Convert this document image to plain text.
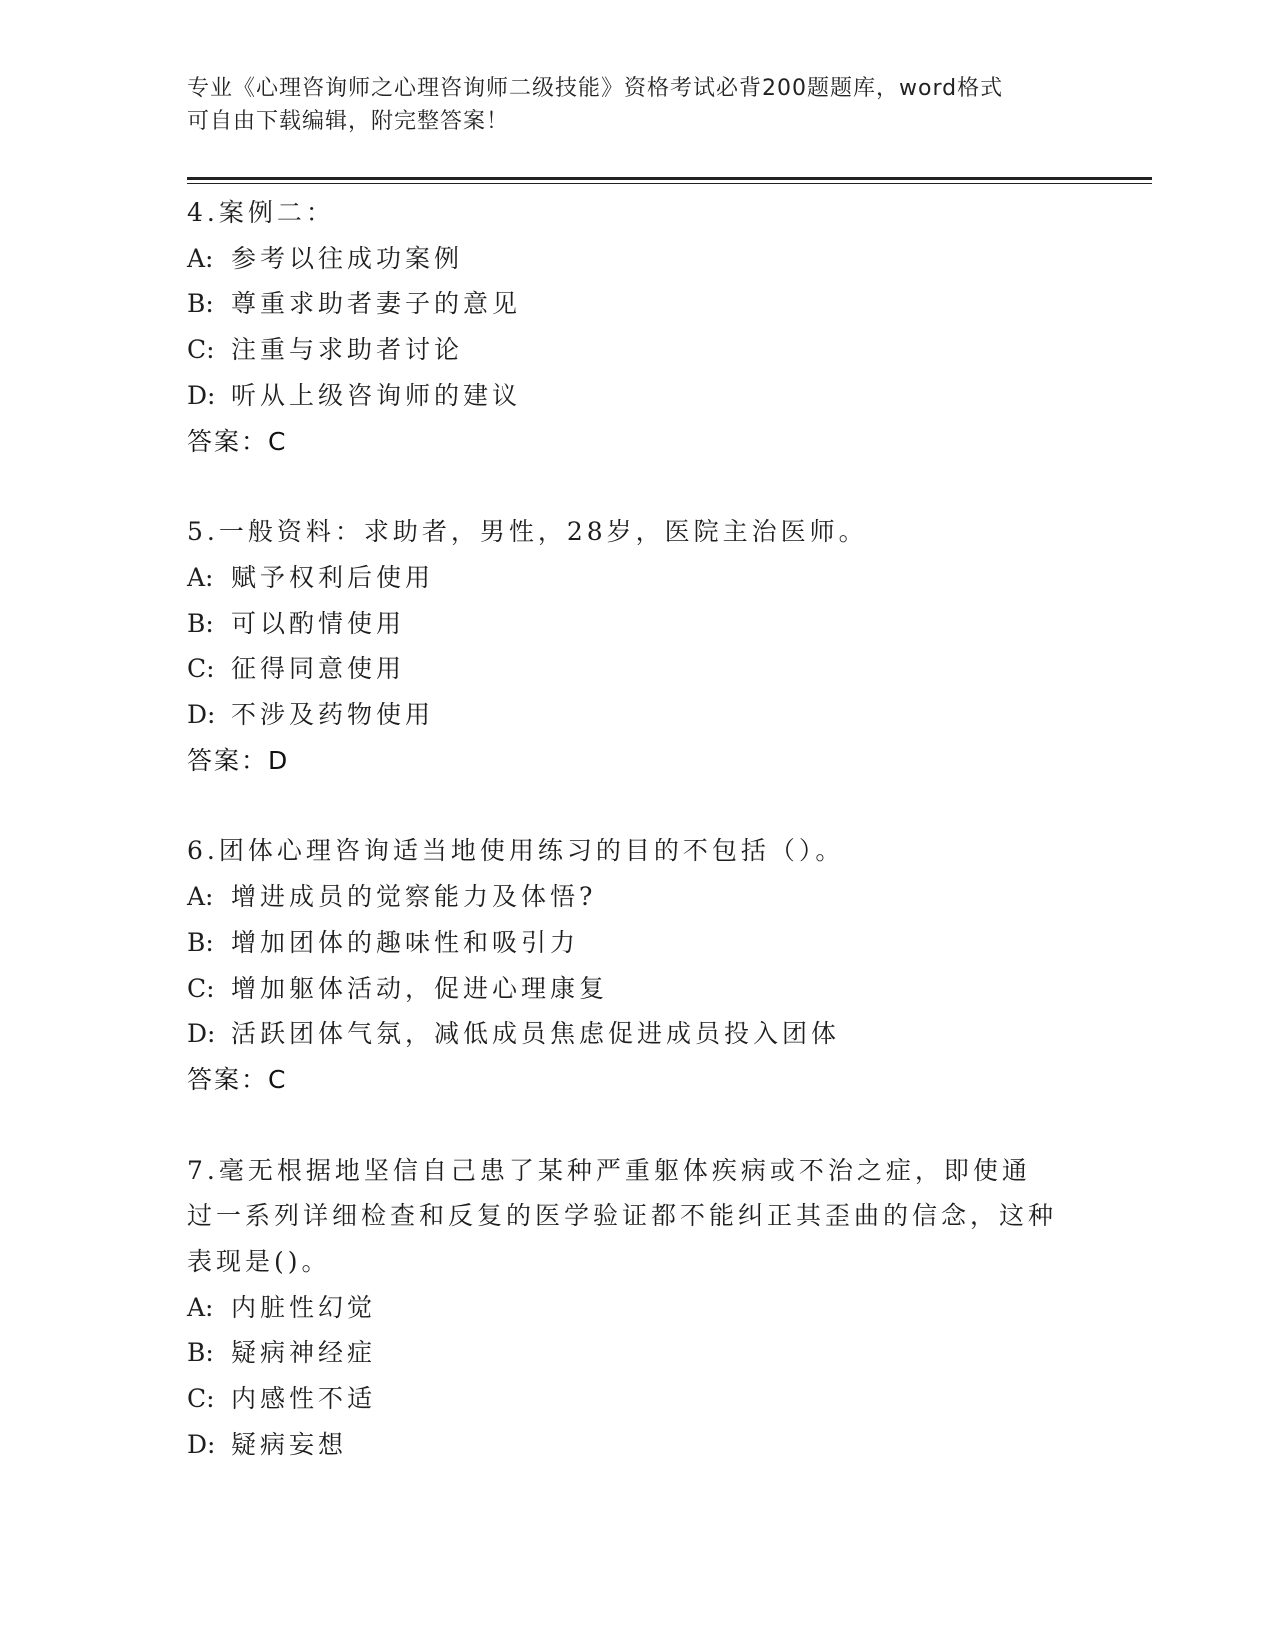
专业《心理咨询师之心理咨询师二级技能》资格考试必背200题题库，word格式
可自由下载编辑，附完整答案！
4.案例二：
A: 参考以往成功案例
B: 尊重求助者妻子的意见
C: 注重与求助者讨论
D: 听从上级咨询师的建议
答案：C
5.一般资料：求助者，男性，28岁，医院主治医师。
A: 赋予权利后使用
B: 可以酌情使用
C: 征得同意使用
D: 不涉及药物使用
答案：D
6.团体心理咨询适当地使用练习的目的不包括（）。
A: 增进成员的觉察能力及体悟?
B: 增加团体的趣味性和吸引力
C: 增加躯体活动，促进心理康复
D: 活跃团体气氛，减低成员焦虑促进成员投入团体
答案：C
7.毫无根据地坚信自己患了某种严重躯体疾病或不治之症，即使通过一系列详细检查和反复的医学验证都不能纠正其歪曲的信念，这种表现是()。
A: 内脏性幻觉
B: 疑病神经症
C: 内感性不适
D: 疑病妄想
